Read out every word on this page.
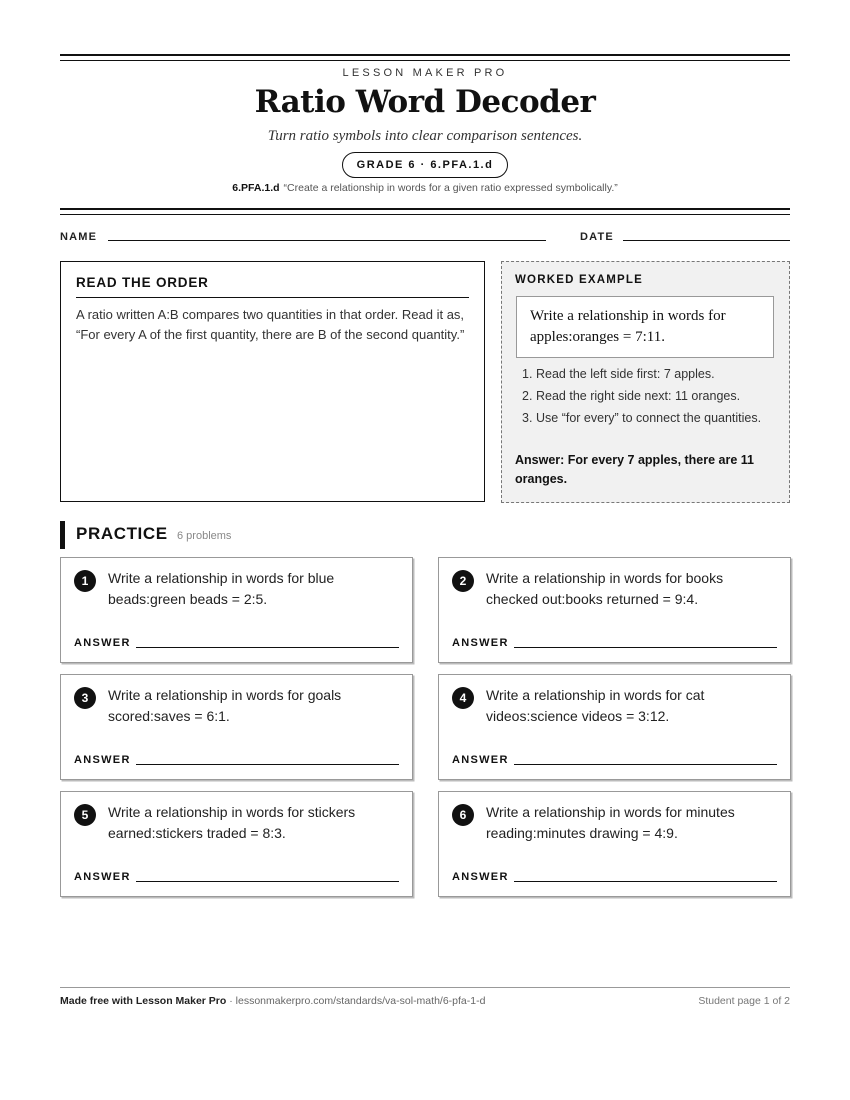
LESSON MAKER PRO
Ratio Word Decoder
Turn ratio symbols into clear comparison sentences.
GRADE 6 · 6.PFA.1.d
6.PFA.1.d “Create a relationship in words for a given ratio expressed symbolically.”
NAME	DATE
READ THE ORDER

A ratio written A:B compares two quantities in that order. Read it as, “For every A of the first quantity, there are B of the second quantity.”

WORKED EXAMPLE
Write a relationship in words for apples:oranges = 7:11.
1. Read the left side first: 7 apples.
2. Read the right side next: 11 oranges.
3. Use “for every” to connect the quantities.
Answer: For every 7 apples, there are 11 oranges.
PRACTICE 6 problems
1	Write a relationship in words for blue beads:green beads = 2:5.
ANSWER
2	Write a relationship in words for books checked out:books returned = 9:4.
ANSWER
3	Write a relationship in words for goals scored:saves = 6:1.
ANSWER
4	Write a relationship in words for cat videos:science videos = 3:12.
ANSWER
5	Write a relationship in words for stickers earned:stickers traded = 8:3.
ANSWER
6	Write a relationship in words for minutes reading:minutes drawing = 4:9.
ANSWER
Made free with Lesson Maker Pro · lessonmakerpro.com/standards/va-sol-math/6-pfa-1-d	Student page 1 of 2
